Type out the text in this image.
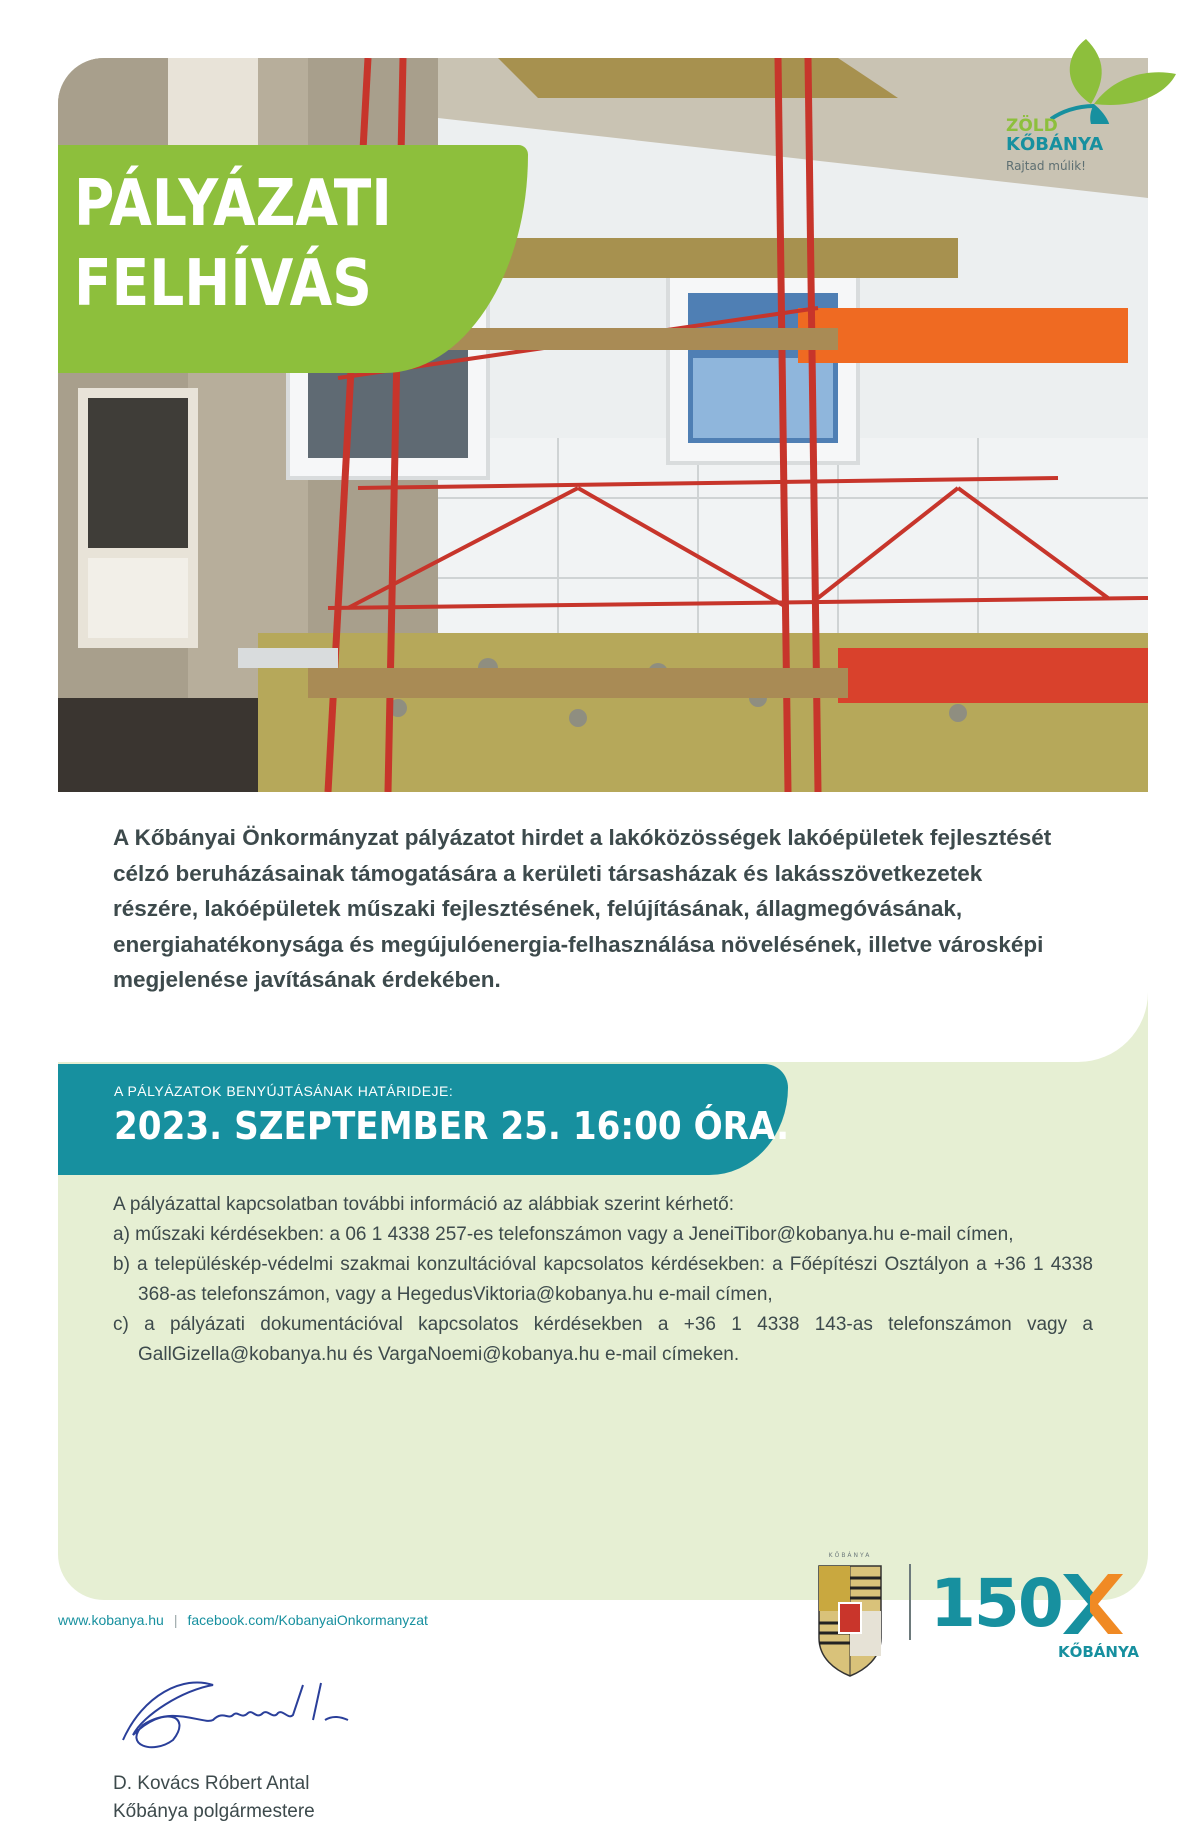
PÁLYÁZATI
FELHÍVÁS
ZÖLD
KŐBÁNYA
Rajtad múlik!
A Kőbányai Önkormányzat pályázatot hirdet a lakóközösségek lakóépületek fejlesztését célzó beruházásainak támogatására a kerületi társasházak és lakásszövetkezetek részére, lakóépületek műszaki fejlesztésének, felújításának, állagmegóvásának, energiahatékonysága és megújulóenergia-felhasználása növelésének, illetve városképi megjelenése javításának érdekében.
A PÁLYÁZATOK BENYÚJTÁSÁNAK HATÁRIDEJE:
2023. SZEPTEMBER 25. 16:00 ÓRA.

A pályázattal kapcsolatban további információ az alábbiak szerint kérhető:

a) műszaki kérdésekben: a 06 1 4338 257-es telefonszámon vagy a JeneiTibor@kobanya.hu e-mail címen,

b) a településkép-védelmi szakmai konzultációval kapcsolatos kérdésekben: a Főépítészi Osztályon a +36 1 4338 368-as telefonszámon, vagy a HegedusViktoria@kobanya.hu e-mail címen,

c) a pályázati dokumentációval kapcsolatos kérdésekben a +36 1 4338 143-as telefonszámon vagy a GallGizella@kobanya.hu és VargaNoemi@kobanya.hu e-mail címeken.

D. Kovács Róbert Antal
Kőbánya polgármestere
KŐBÁNYA
150
KŐBÁNYA
www.kobanya.hu | facebook.com/KobanyaiOnkormanyzat
